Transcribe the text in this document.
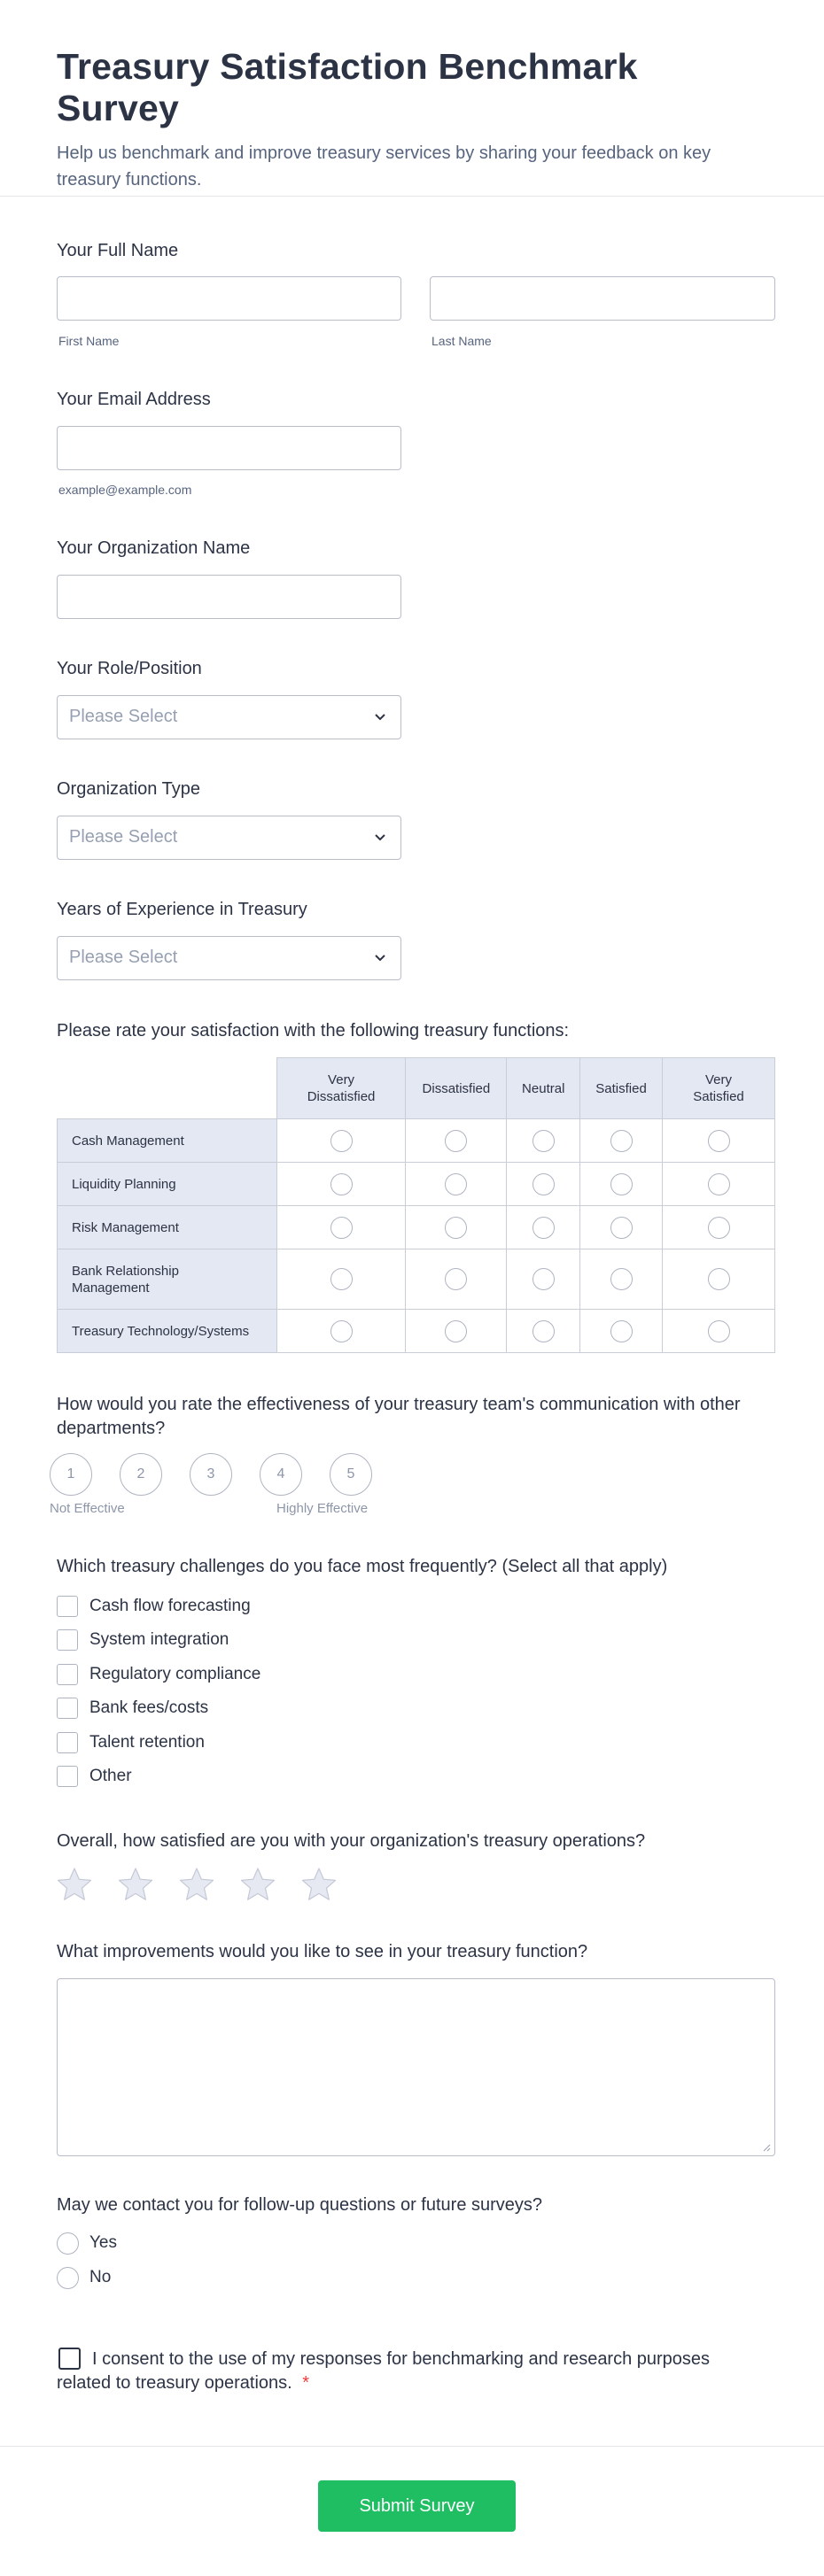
Treasury Satisfaction Benchmark Survey

Help us benchmark and improve treasury services by sharing your feedback on key treasury functions.

Your Full Name
First Name	Last Name
Your Email Address
example@example.com
Your Organization Name
Your Role/Position
Please Select
Organization Type
Please Select
Years of Experience in Treasury
Please Select
Please rate your satisfaction with the following treasury functions:
	Very Dissatisfied	Dissatisfied	Neutral	Satisfied	Very Satisfied
Cash Management					
Liquidity Planning					
Risk Management					
Bank Relationship Management					
Treasury Technology/Systems					
How would you rate the effectiveness of your treasury team's communication with other departments?
1	2	3	4	5
Not Effective	Highly Effective
Which treasury challenges do you face most frequently? (Select all that apply)
Cash flow forecasting
System integration
Regulatory compliance
Bank fees/costs
Talent retention
Other
Overall, how satisfied are you with your organization's treasury operations?
What improvements would you like to see in your treasury function?
May we contact you for follow-up questions or future surveys?
Yes
No
I consent to the use of my responses for benchmarking and research purposes related to treasury operations. *
Submit Survey
